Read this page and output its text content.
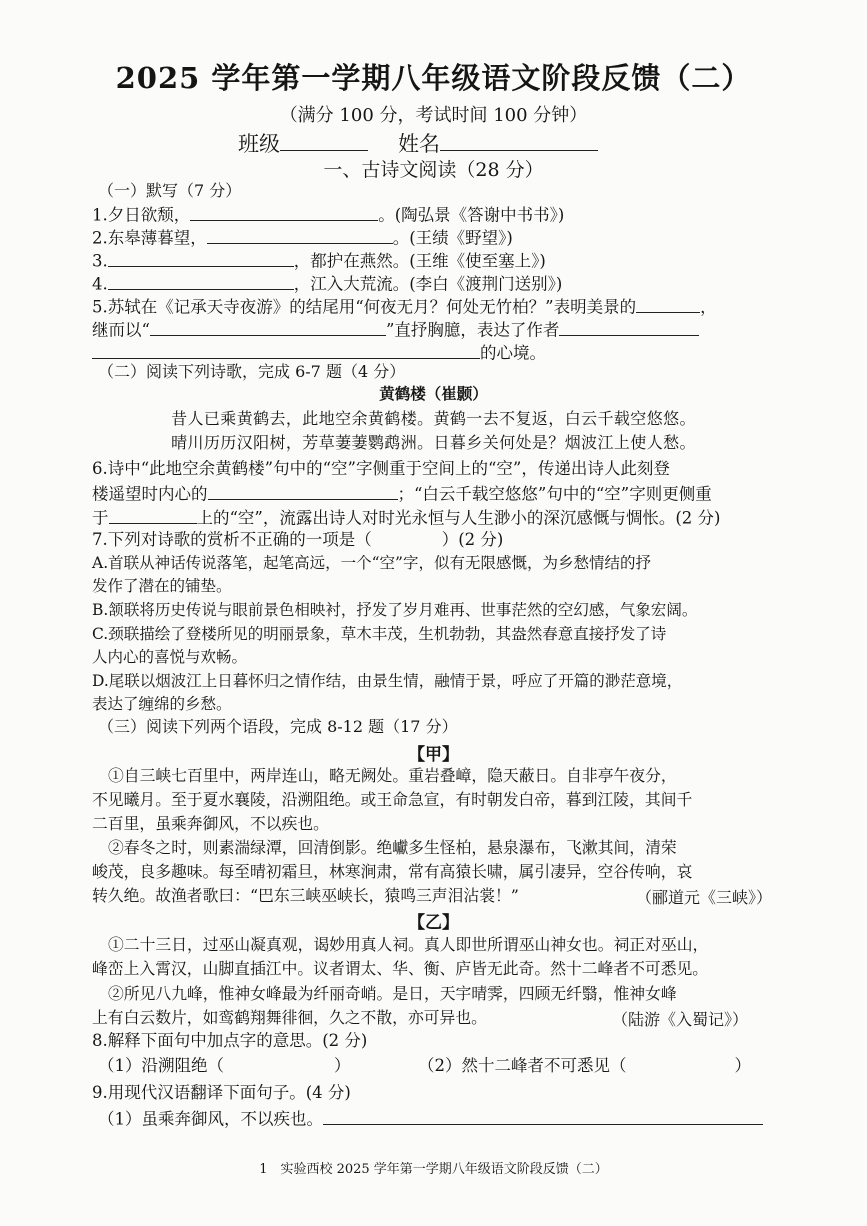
2025 学年第一学期八年级语文阶段反馈（二）
（满分 100 分，考试时间 100 分钟）
班级	姓名
一、古诗文阅读（28 分）
（一）默写（7 分）
1.夕日欲颓，	。(陶弘景《答谢中书书》)
2.东皋薄暮望，	。(王绩《野望》)
3.	，都护在燕然。(王维《使至塞上》)
4.	，江入大荒流。(李白《渡荆门送别》)
5.苏轼在《记承天寺夜游》的结尾用“何夜无月？何处无竹柏？”表明美景的	，
继而以“	”直抒胸臆，表达了作者
的心境。
（二）阅读下列诗歌，完成 6-7 题（4 分）
黄鹤楼（崔颢）
昔人已乘黄鹤去，此地空余黄鹤楼。黄鹤一去不复返，白云千载空悠悠。
晴川历历汉阳树，芳草萋萋鹦鹉洲。日暮乡关何处是？烟波江上使人愁。
6.诗中“此地空余黄鹤楼”句中的“空”字侧重于空间上的“空”，传递出诗人此刻登
楼遥望时内心的	；“白云千载空悠悠”句中的“空”字则更侧重
于	上的“空”，流露出诗人对时光永恒与人生渺小的深沉感慨与惆怅。(2 分)
7.下列对诗歌的赏析不正确的一项是（	）(2 分)
A.首联从神话传说落笔，起笔高远，一个“空”字，似有无限感慨，为乡愁情结的抒
发作了潜在的铺垫。
B.颔联将历史传说与眼前景色相映衬，抒发了岁月难再、世事茫然的空幻感，气象宏阔。
C.颈联描绘了登楼所见的明丽景象，草木丰茂，生机勃勃，其盎然春意直接抒发了诗
人内心的喜悦与欢畅。
D.尾联以烟波江上日暮怀归之情作结，由景生情，融情于景，呼应了开篇的渺茫意境，
表达了缠绵的乡愁。
（三）阅读下列两个语段，完成 8-12 题（17 分）
【甲】
①自三峡七百里中，两岸连山，略无阙处。重岩叠嶂，隐天蔽日。自非亭午夜分，
不见曦月。至于夏水襄陵，沿溯阻绝。或王命急宣，有时朝发白帝，暮到江陵，其间千
二百里，虽乘奔御风，不以疾也。
②春冬之时，则素湍绿潭，回清倒影。绝巘多生怪柏，悬泉瀑布，飞漱其间，清荣
峻茂，良多趣味。每至晴初霜旦，林寒涧肃，常有高猿长啸，属引凄异，空谷传响，哀
转久绝。故渔者歌曰：“巴东三峡巫峡长，猿鸣三声泪沾裳！”	（郦道元《三峡》）
【乙】
①二十三日，过巫山凝真观，谒妙用真人祠。真人即世所谓巫山神女也。祠正对巫山，
峰峦上入霄汉，山脚直插江中。议者谓太、华、衡、庐皆无此奇。然十二峰者不可悉见。
②所见八九峰，惟神女峰最为纤丽奇峭。是日，天宇晴霁，四顾无纤翳，惟神女峰
上有白云数片，如鸾鹤翔舞徘徊，久之不散，亦可异也。	（陆游《入蜀记》）
8.解释下面句中加点字的意思。(2 分)
（1）沿溯阻绝（	）	（2）然十二峰者不可悉见（	）
9.用现代汉语翻译下面句子。(4 分)
（1）虽乘奔御风，不以疾也。
1　实验西校 2025 学年第一学期八年级语文阶段反馈（二）
